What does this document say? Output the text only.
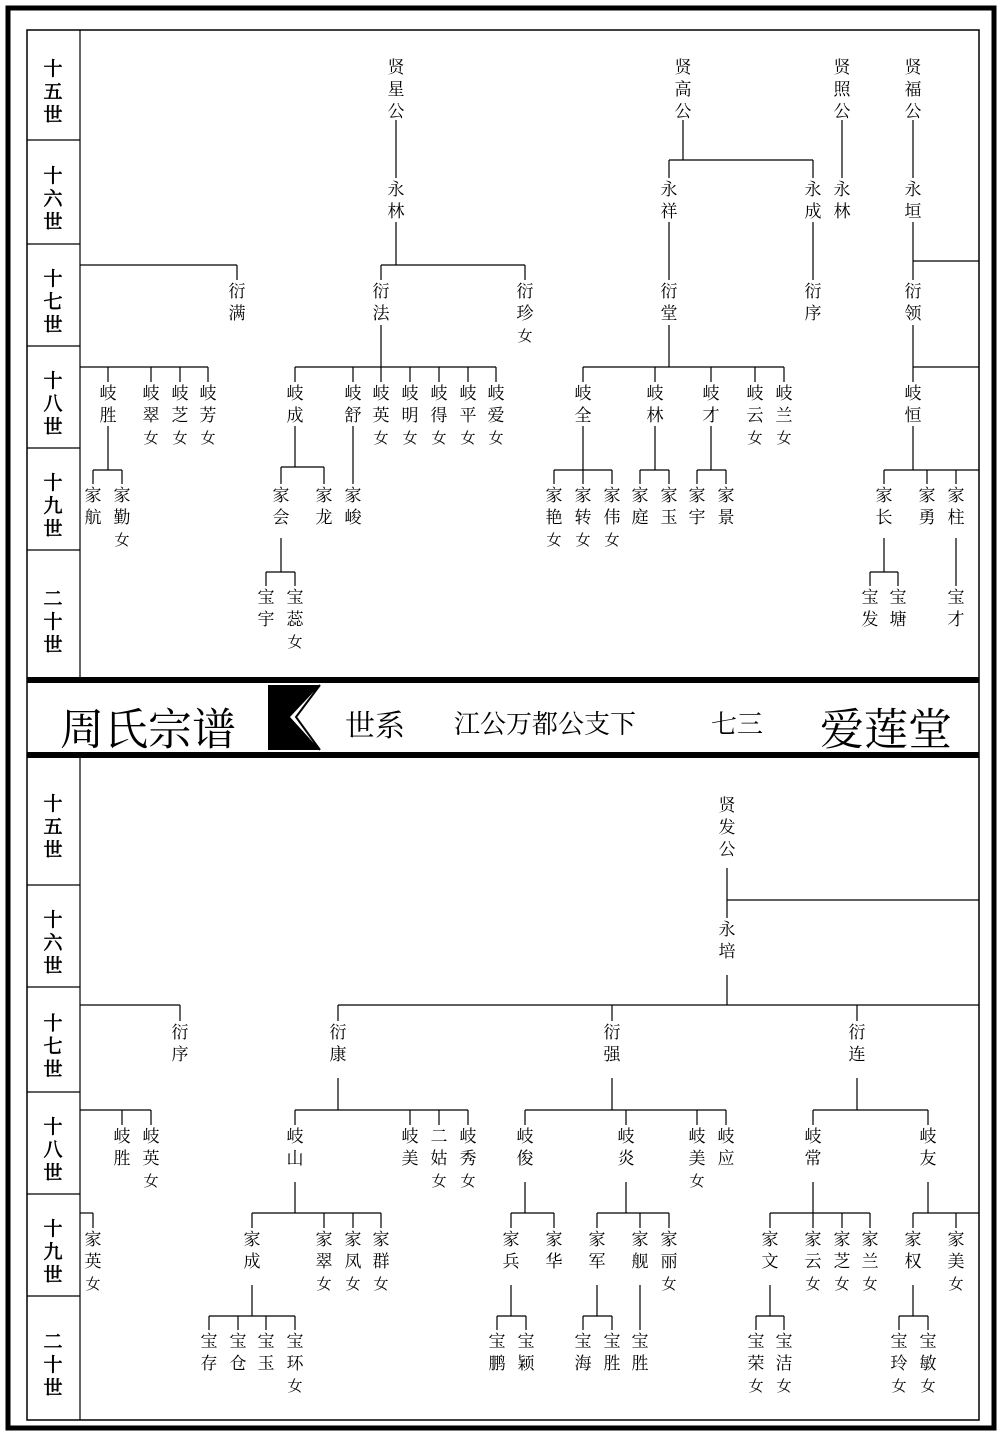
十
五
世
十
六
世
十
七
世
十
八
世
十
九
世
二
十
世
十
五
世
十
六
世
十
七
世
十
八
世
十
九
世
二
十
世
贤
星
公
贤
高
公
贤
照
公
贤
福
公
永
林
永
祥
永
成
永
林
永
垣
衍
满
衍
法
衍
珍
女
衍
堂
衍
序
衍
领
岐
胜
岐
翠
女
岐
芝
女
岐
芳
女
岐
成
岐
舒
岐
英
女
岐
明
女
岐
得
女
岐
平
女
岐
爱
女
岐
全
岐
林
岐
才
岐
云
女
岐
兰
女
岐
恒
家
航
家
勤
女
家
会
家
龙
家
峻
家
艳
女
家
转
女
家
伟
女
家
庭
家
玉
家
宇
家
景
家
长
家
勇
家
柱
宝
宇
宝
蕊
女
宝
发
宝
塘
宝
才
贤
发
公
永
培
衍
序
衍
康
衍
强
衍
连
岐
胜
岐
英
女
岐
山
岐
美
二
姑
女
岐
秀
女
岐
俊
岐
炎
岐
美
女
岐
应
岐
常
岐
友
家
英
女
家
成
家
翠
女
家
凤
女
家
群
女
家
兵
家
华
家
军
家
舰
家
丽
女
家
文
家
云
女
家
芝
女
家
兰
女
家
权
家
美
女
宝
存
宝
仓
宝
玉
宝
环
女
宝
鹏
宝
颖
宝
海
宝
胜
宝
胜
宝
荣
女
宝
洁
女
宝
玲
女
宝
敏
女
周氏宗谱	世系 江公万都公支下	七三 爱莲堂
